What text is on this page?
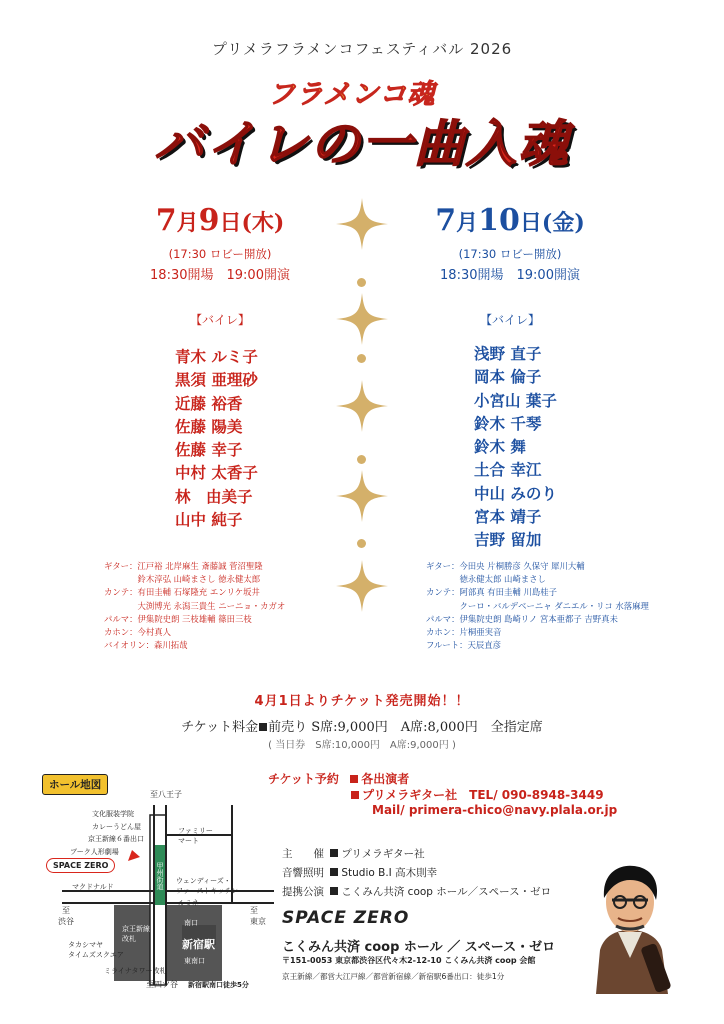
プリメラフラメンコフェスティバル 2026
フラメンコ魂
バイレの一曲入魂
7月9日(木)
(17:30 ロビー開放)
18:30開場　19:00開演
【バイレ】
青木 ルミ子
黒須 亜理砂
近藤 裕香
佐藤 陽美
佐藤 幸子
中村 太香子
林　由美子
山中 純子
ギター：江戸裕 北岸麻生 斎藤誠 菅沼聖隆
　　　　鈴木淳弘 山崎まさし 徳永健太郎
カンテ：有田圭輔 石塚隆充 エンリケ坂井
　　　　大渕博光 永潟三貴生 ニーニョ・カガオ
パルマ：伊集院史朗 三枝雄輔 篠田三枝
カホン：今村真人
バイオリン：森川拓哉
7月10日(金)
(17:30 ロビー開放)
18:30開場　19:00開演
【バイレ】
浅野 直子
岡本 倫子
小宮山 葉子
鈴木 千琴
鈴木 舞
土合 幸江
中山 みのり
宮本 靖子
吉野 留加
ギター：今田央 片桐勝彦 久保守 犀川大輔
　　　　徳永健太郎 山崎まさし
カンテ：阿部真 有田圭輔 川島桂子
　　　　クーロ・バルデベーニャ ダニエル・リコ 水落麻理
パルマ：伊集院史朗 島崎リノ 宮本亜都子 吉野真未
カホン：片桐亜実音
フルート：天辰直彦
4月1日よりチケット発売開始！！
チケット料金 前売り S席:9,000円　A席:8,000円　全指定席
( 当日券　S席:10,000円　A席:9,000円 )
チケット予約 各出演者
プリメラギター社　TEL/ 090-8948-3449
Mail/ primera-chico@navy.plala.or.jp
主　　催 プリメラギター社
音響照明 Studio B.I 高木則幸
提携公演 こくみん共済 coop ホール／スペース・ゼロ
SPACE ZERO
こくみん共済 coop ホール ／ スペース・ゼロ
〒151-0053 東京都渋谷区代々木2-12-10 こくみん共済 coop 会館
京王新線／都営大江戸線／都営新宿線／新宿駅6番出口：徒歩1分
ホール地図
至八王子
文化服装学院
カレーうどん屋
京王新線６番出口
ブーク人形劇場
SPACE ZERO
マクドナルド
ファミリー
マート
甲州街道 ウェンディーズ・
ファーストキッチン
ルミネ
至
渋谷
タカシマヤ
タイムズスクエア
京王新線
改札	新宿駅
南口
東南口
ミライナタワー改札
至四ツ谷 新宿駅南口徒歩5分
至
東京
